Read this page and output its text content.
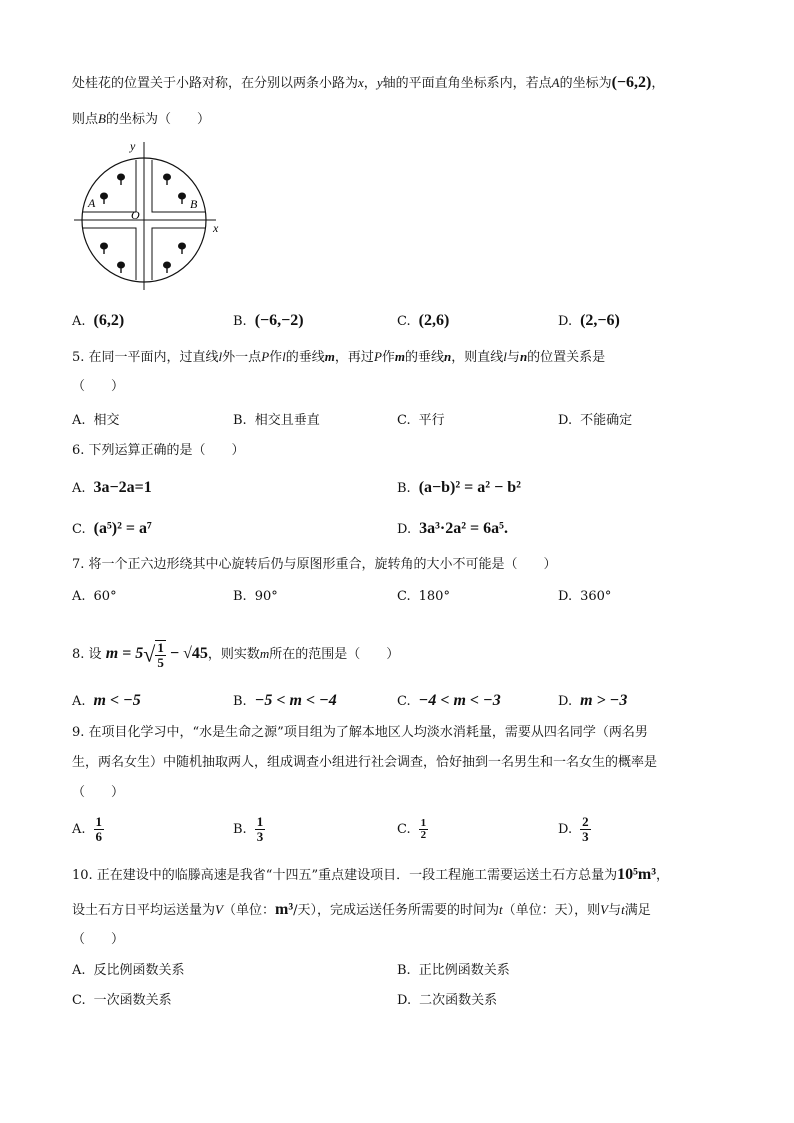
处桂花的位置关于小路对称，在分别以两条小路为x，y轴的平面直角坐标系内，若点A的坐标为(−6,2)，
则点B的坐标为（　　）
y
x
O
A	B
A. (6,2)	B. (−6,−2)	C. (2,6)	D. (2,−6)
5. 在同一平面内，过直线l外一点P作l的垂线m，再过P作m的垂线n，则直线l与n的位置关系是
（　　）
A. 相交	B. 相交且垂直	C. 平行	D. 不能确定
6. 下列运算正确的是（　　）
A. 3a−2a=1	B. (a−b)² = a² − b²
C. (a⁵)² = a⁷	D. 3a³·2a² = 6a⁵.
7. 将一个正六边形绕其中心旋转后仍与原图形重合，旋转角的大小不可能是（　　）
A. 60°	B. 90°	C. 180°	D. 360°
8. 设 $m = 5√ \frac{1}{5} - √45$，则实数m所在的范围是（　　）
A. m < −5	B. −5 < m < −4	C. −4 < m < −3	D. m > −3
9. 在项目化学习中，“水是生命之源”项目组为了解本地区人均淡水消耗量，需要从四名同学（两名男
生，两名女生）中随机抽取两人，组成调查小组进行社会调查，恰好抽到一名男生和一名女生的概率是
（　　）
A. $\frac{1}{6}$	B. $\frac{1}{3}$	C. $\frac{1}{2}$	D. $\frac{2}{3}$
10. 正在建设中的临滕高速是我省“十四五”重点建设项目．一段工程施工需要运送土石方总量为10⁵m³，
设土石方日平均运送量为V（单位：m³/天），完成运送任务所需要的时间为t（单位：天），则V与t满足
（　　）
A. 反比例函数关系	B. 正比例函数关系
C. 一次函数关系	D. 二次函数关系
